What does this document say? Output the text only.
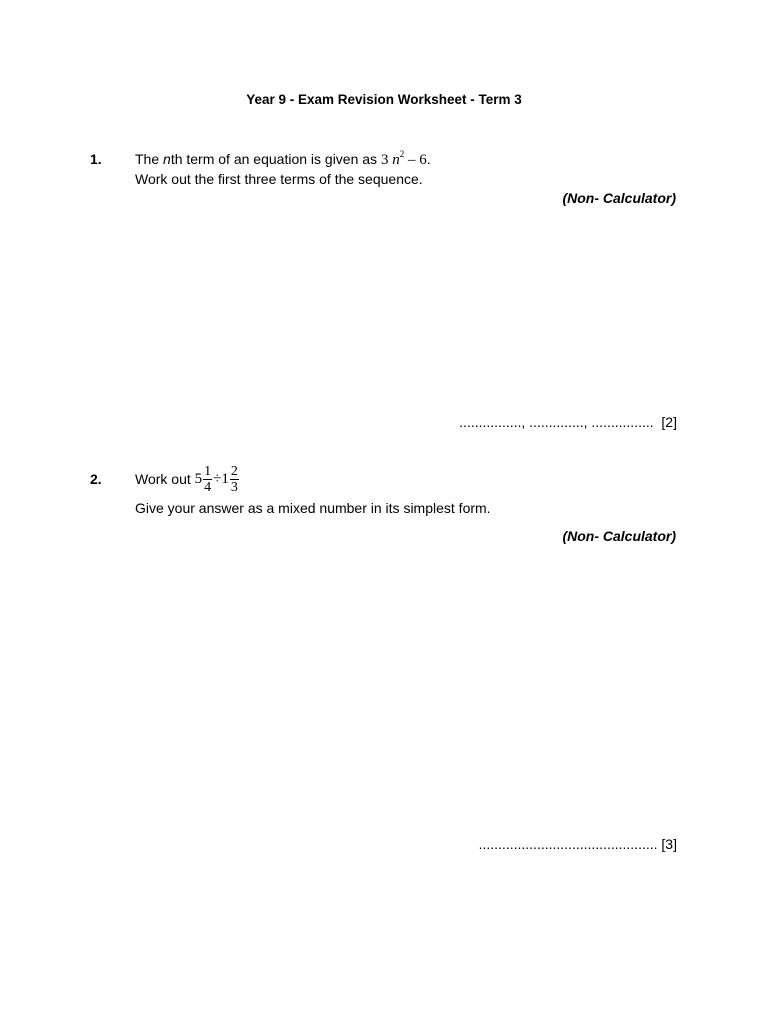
Year 9 - Exam Revision Worksheet - Term 3
1. The nth term of an equation is given as 3 $n^2 - 6$.
Work out the first three terms of the sequence.
(Non- Calculator)
................, .............., ................ [2]
2. Work out $5 \frac{1}{4} \div 1 \frac{2}{3}$
Give your answer as a mixed number in its simplest form.
(Non- Calculator)
.............................................. [3]
